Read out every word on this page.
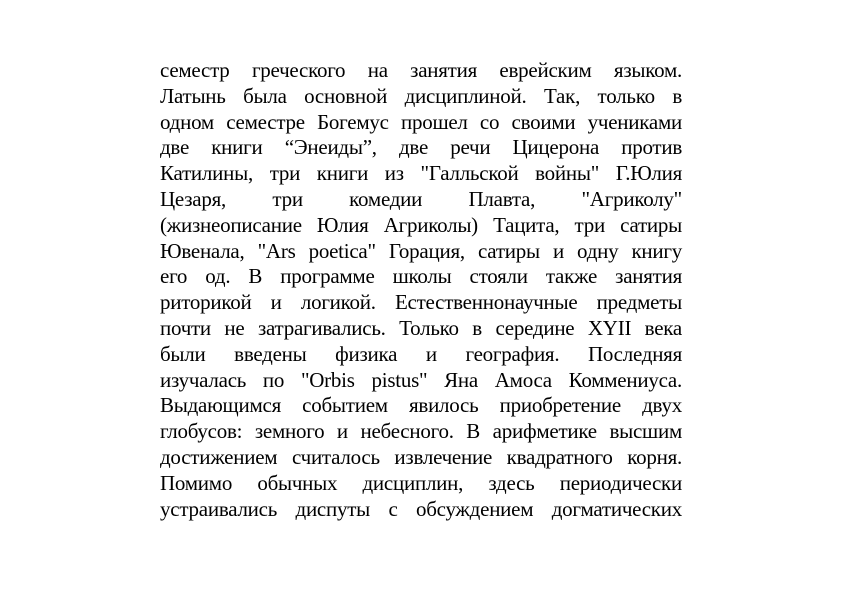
семестр греческого на занятия еврейским языком.
Латынь была основной дисциплиной. Так, только в
одном семестре Богемус прошел со своими учениками
две книги “Энеиды”, две речи Цицерона против
Катилины, три книги из "Галльской войны" Г.Юлия
Цезаря, три комедии Плавта, "Агриколу"
(жизнеописание Юлия Агриколы) Тацита, три сатиры
Ювенала, "Ars poetica" Горация, сатиры и одну книгу
его од. В программе школы стояли также занятия
риторикой и логикой. Естественнонаучные предметы
почти не затрагивались. Только в середине XYII века
были введены физика и география. Последняя
изучалась по "Orbis pistus" Яна Амоса Коммениуса.
Выдающимся событием явилось приобретение двух
глобусов: земного и небесного. В арифметике высшим
достижением считалось извлечение квадратного корня.
Помимо обычных дисциплин, здесь периодически
устраивались диспуты с обсуждением догматических
